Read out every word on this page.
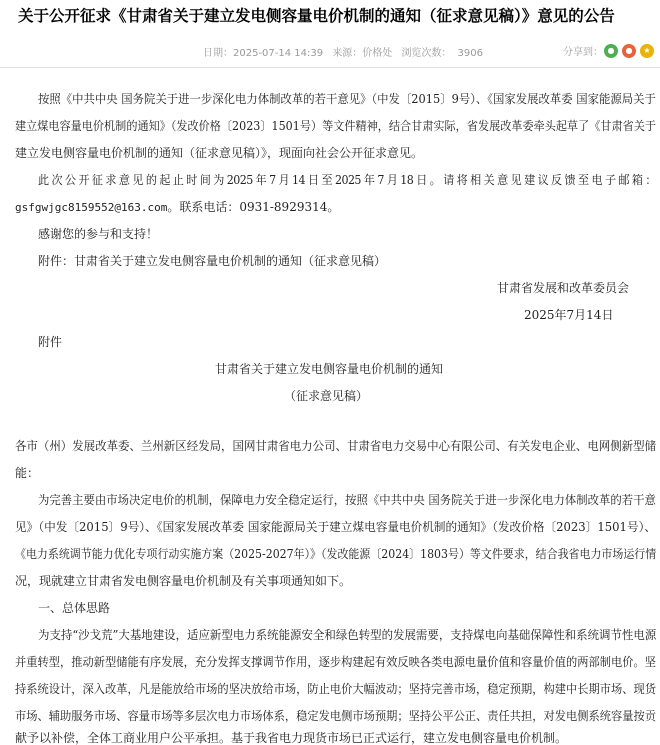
关于公开征求《甘肃省关于建立发电侧容量电价机制的通知（征求意见稿）》意见的公告
日期：2025-07-14 14:39 来源：价格处 浏览次数： 3906	分享到： ●	●	★
按照《中共中央 国务院关于进一步深化电力体制改革的若干意见》（中发〔2015〕9号）、《国家发展改革委 国家能源局关于
建立煤电容量电价机制的通知》（发改价格〔2023〕1501号）等文件精神，结合甘肃实际，省发展改革委牵头起草了《甘肃省关于
建立发电侧容量电价机制的通知（征求意见稿）》，现面向社会公开征求意见。
此 次 公 开 征 求 意 见 的 起 止 时 间 为 2025 年 7 月 14 日 至 2025 年 7 月 18 日 。 请 将 相 关 意 见 建 议 反 馈 至 电 子 邮 箱 ：
gsfgwjgc8159552@163.com。联系电话：0931-8929314。
感谢您的参与和支持！
附件：甘肃省关于建立发电侧容量电价机制的通知（征求意见稿）
甘肃省发展和改革委员会
2025年7月14日
附件
甘肃省关于建立发电侧容量电价机制的通知
（征求意见稿）
各市（州）发展改革委、兰州新区经发局，国网甘肃省电力公司、甘肃省电力交易中心有限公司、有关发电企业、电网侧新型储
能：
为完善主要由市场决定电价的机制，保障电力安全稳定运行，按照《中共中央 国务院关于进一步深化电力体制改革的若干意
见》（中发〔2015〕9号）、《国家发展改革委 国家能源局关于建立煤电容量电价机制的通知》（发改价格〔2023〕1501号）、
《电力系统调节能力优化专项行动实施方案（2025-2027年）》（发改能源〔2024〕1803号）等文件要求，结合我省电力市场运行情
况，现就建立甘肃省发电侧容量电价机制及有关事项通知如下。
一、总体思路
为支持“沙戈荒”大基地建设，适应新型电力系统能源安全和绿色转型的发展需要，支持煤电向基础保障性和系统调节性电源
并重转型，推动新型储能有序发展，充分发挥支撑调节作用，逐步构建起有效反映各类电源电量价值和容量价值的两部制电价。坚
持系统设计，深入改革，凡是能放给市场的坚决放给市场，防止电价大幅波动；坚持完善市场，稳定预期，构建中长期市场、现货
市场、辅助服务市场、容量市场等多层次电力市场体系，稳定发电侧市场预期；坚持公平公正、责任共担，对发电侧系统容量按贡
献予以补偿，全体工商业用户公平承担。基于我省电力现货市场已正式运行，建立发电侧容量电价机制。
